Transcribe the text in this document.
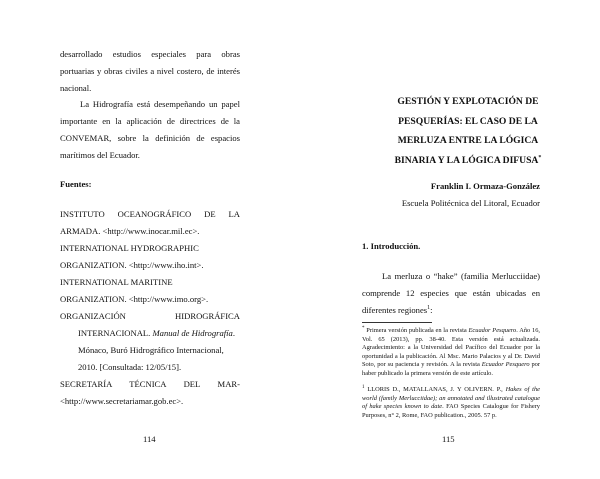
desarrollado estudios especiales para obras
portuarias y obras civiles a nivel costero, de interés
nacional.
La Hidrografía está desempeñando un papel importante en la aplicación de directrices de la CONVEMAR, sobre la definición de espacios marítimos del Ecuador.
Fuentes:
INSTITUTO OCEANOGRÁFICO DE LA
ARMADA. <http://www.inocar.mil.ec>.
INTERNATIONAL HYDROGRAPHIC
ORGANIZATION. <http://www.iho.int>.
INTERNATIONAL MARITINE
ORGANIZATION. <http://www.imo.org>.
ORGANIZACIÓN HIDROGRÁFICA
INTERNACIONAL. Manual de Hidrografía.
Mónaco, Buró Hidrográfico Internacional,
2010. [Consultada: 12/05/15].
SECRETARÍA TÉCNICA DEL MAR-
<http://www.secretariamar.gob.ec>.
114
GESTIÓN Y EXPLOTACIÓN DE
PESQUERÍAS: EL CASO DE LA
MERLUZA ENTRE LA LÓGICA
BINARIA Y LA LÓGICA DIFUSA*
Franklin I. Ormaza-González
Escuela Politécnica del Litoral, Ecuador
1. Introducción.
La merluza o “hake” (familia Merlucciidae) comprende 12 especies que están ubicadas en diferentes regiones$^1$:
* Primera versión publicada en la revista Ecuador Pesquero. Año 16, Vol. 65 (2013), pp. 38-40. Esta versión está actualizada. Agradecimiento: a la Universidad del Pacífico del Ecuador por la oportunidad a la publicación. Al Msc. Mario Palacios y al Dr. David Soto, por su paciencia y revisión. A la revista Ecuador Pesquero por haber publicado la primera versión de este artículo.
$^1$ LLORIS D., MATALLANAS, J. Y OLIVERN. P., Hakes of the world (family Merlucciidae); an annotated and illustrated catalogue of hake species known to date. FAO Species Catalogue for Fishery Purposes, n° 2, Rome, FAO publication., 2005. 57 p.
115
